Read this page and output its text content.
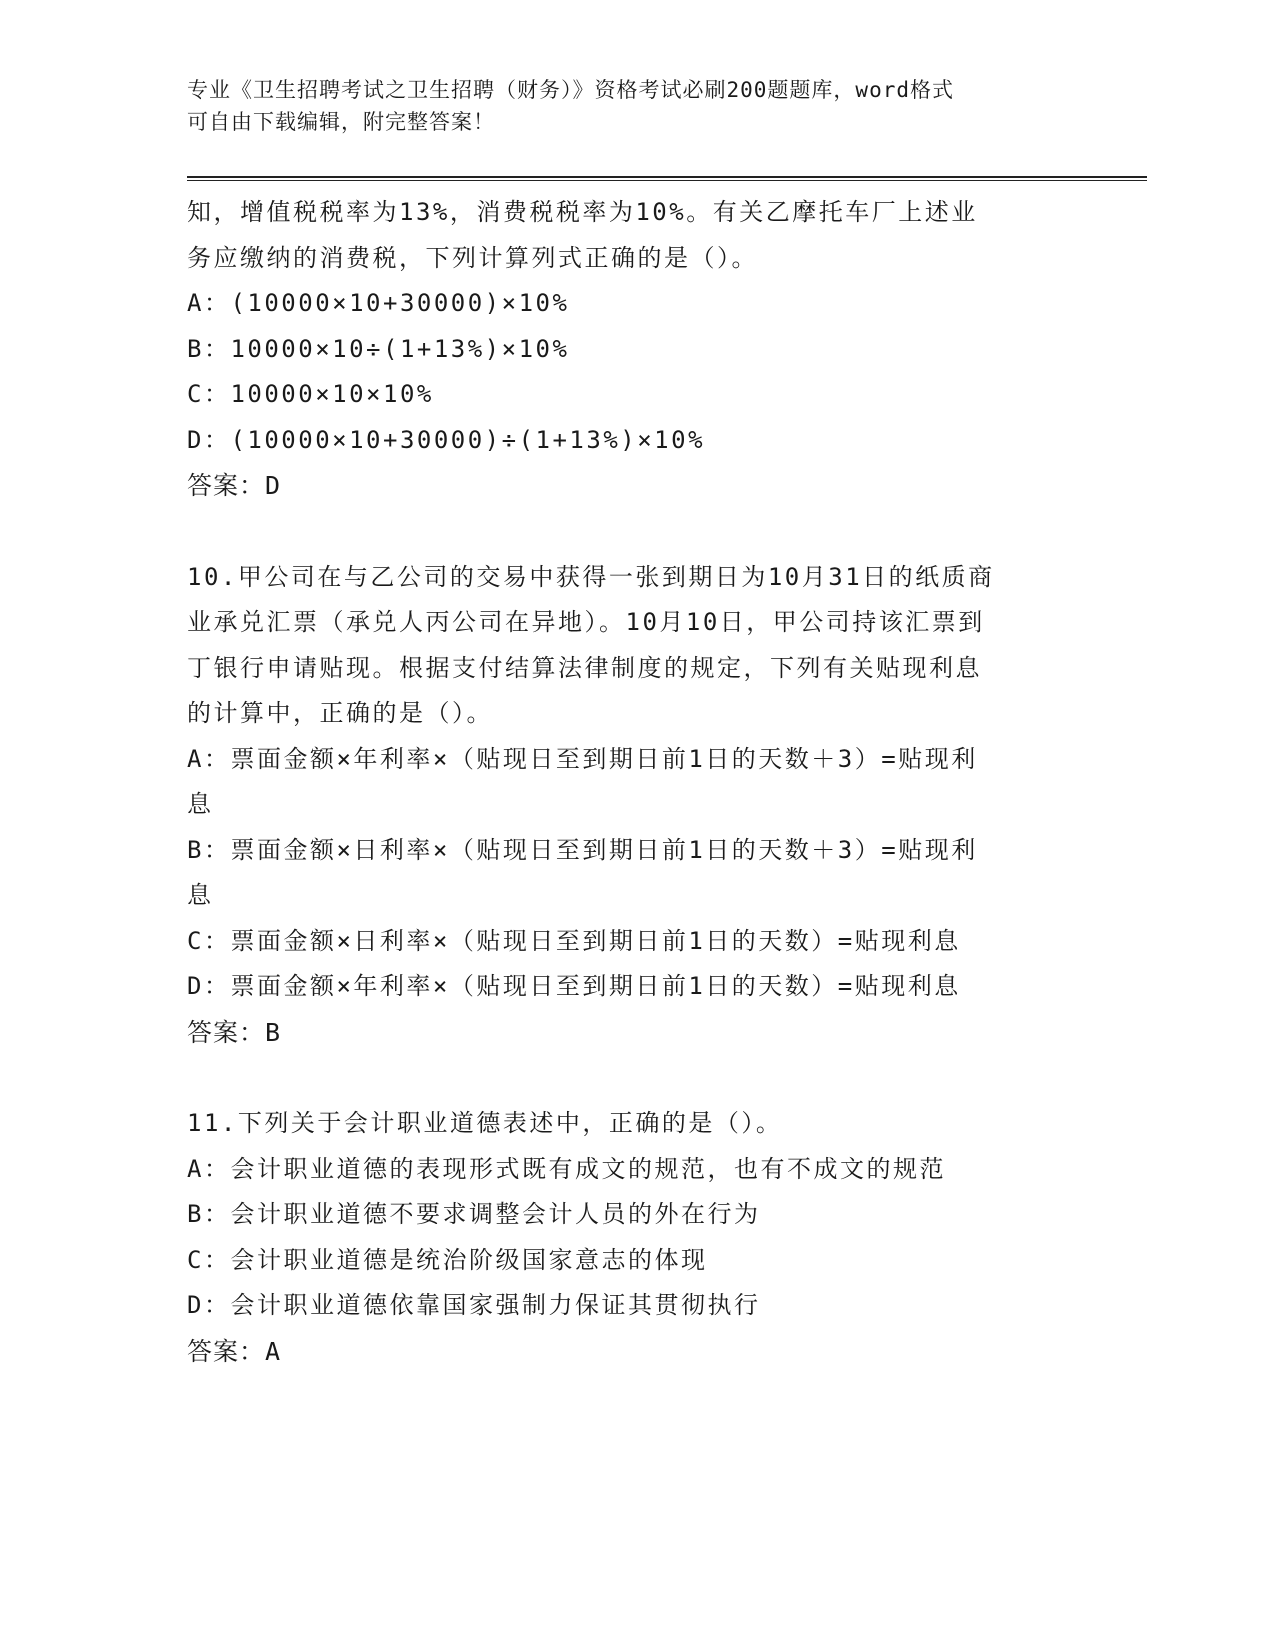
专业《卫生招聘考试之卫生招聘（财务）》资格考试必刷200题题库，word格式
可自由下载编辑，附完整答案！
知，增值税税率为13%，消费税税率为10%。有关乙摩托车厂上述业
务应缴纳的消费税，下列计算列式正确的是（）。
A：(10000×10+30000)×10%
B：10000×10÷(1+13%)×10%
C：10000×10×10%
D：(10000×10+30000)÷(1+13%)×10%
答案：D
10.甲公司在与乙公司的交易中获得一张到期日为10月31日的纸质商
业承兑汇票（承兑人丙公司在异地）。10月10日，甲公司持该汇票到
丁银行申请贴现。根据支付结算法律制度的规定，下列有关贴现利息
的计算中，正确的是（）。
A：票面金额×年利率×（贴现日至到期日前1日的天数＋3）=贴现利
息
B：票面金额×日利率×（贴现日至到期日前1日的天数＋3）=贴现利
息
C：票面金额×日利率×（贴现日至到期日前1日的天数）=贴现利息
D：票面金额×年利率×（贴现日至到期日前1日的天数）=贴现利息
答案：B
11.下列关于会计职业道德表述中，正确的是（）。
A：会计职业道德的表现形式既有成文的规范，也有不成文的规范
B：会计职业道德不要求调整会计人员的外在行为
C：会计职业道德是统治阶级国家意志的体现
D：会计职业道德依靠国家强制力保证其贯彻执行
答案：A
